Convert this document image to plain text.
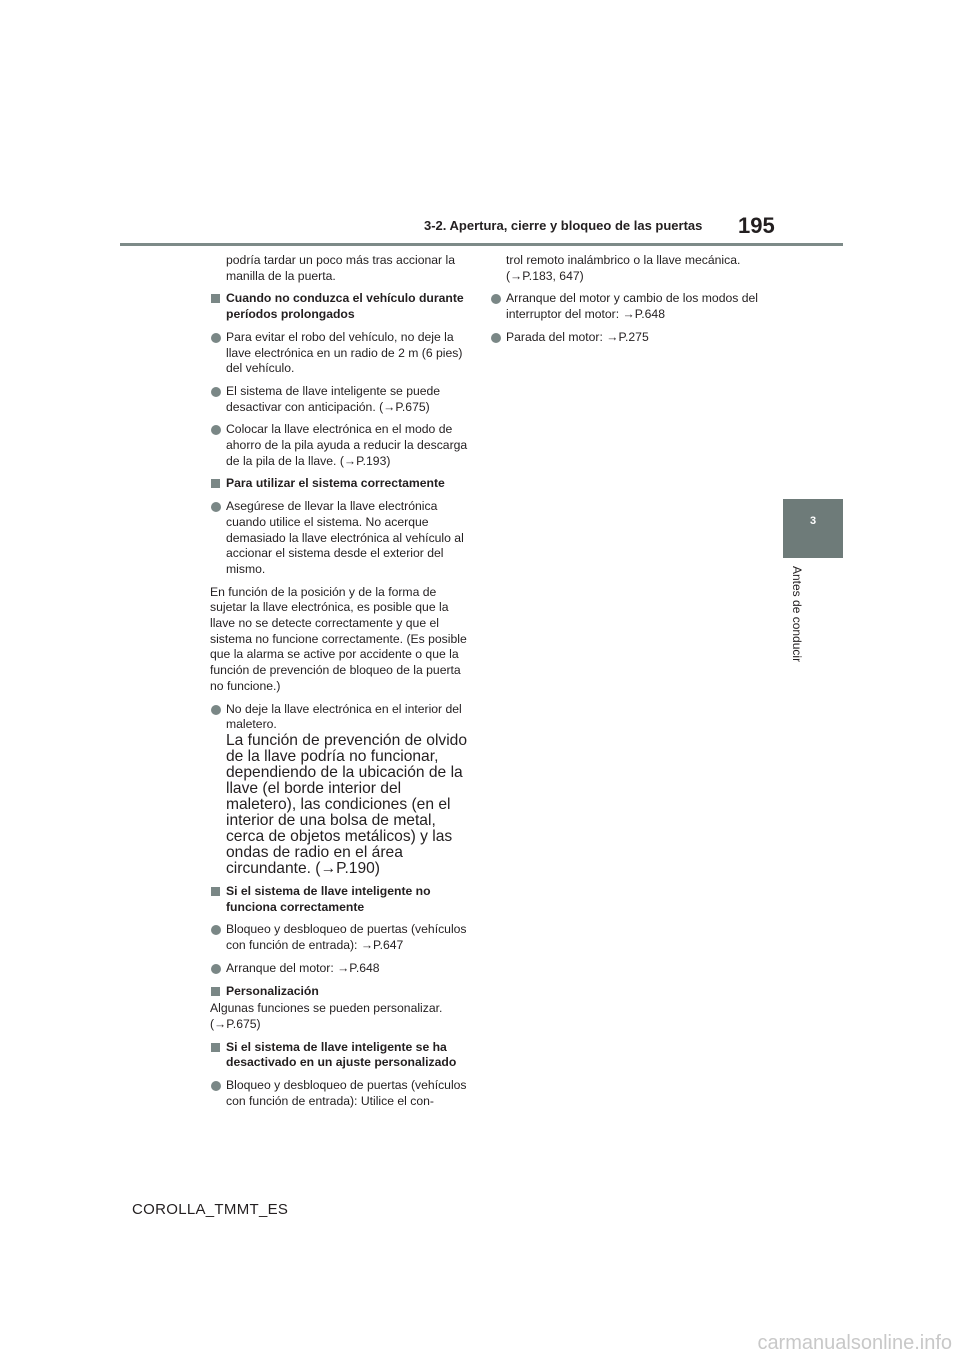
3-2. Apertura, cierre y bloqueo de las puertas 195
3
Antes de conducir

podría tardar un poco más tras accionar la manilla de la puerta.

Cuando no conduzca el vehículo durante períodos prolongados

Para evitar el robo del vehículo, no deje la llave electrónica en un radio de 2 m (6 pies) del vehículo.

El sistema de llave inteligente se puede desactivar con anticipación. (→P.675)

Colocar la llave electrónica en el modo de ahorro de la pila ayuda a reducir la descarga de la pila de la llave. (→P.193)

Para utilizar el sistema correctamente

Asegúrese de llevar la llave electrónica cuando utilice el sistema. No acerque demasiado la llave electrónica al vehículo al accionar el sistema desde el exterior del mismo.

En función de la posición y de la forma de sujetar la llave electrónica, es posible que la llave no se detecte correctamente y que el sistema no funcione correctamente. (Es posible que la alarma se active por accidente o que la función de prevención de bloqueo de la puerta no funcione.)

No deje la llave electrónica en el interior del maletero.

La función de prevención de olvido de la llave podría no funcionar, dependiendo de la ubicación de la llave (el borde interior del maletero), las condiciones (en el interior de una bolsa de metal, cerca de objetos metálicos) y las ondas de radio en el área circundante. (→P.190)

Si el sistema de llave inteligente no funciona correctamente

Bloqueo y desbloqueo de puertas (vehículos con función de entrada): →P.647

Arranque del motor: →P.648

Personalización

Algunas funciones se pueden personalizar. (→P.675)

Si el sistema de llave inteligente se ha desactivado en un ajuste personalizado

Bloqueo y desbloqueo de puertas (vehículos con función de entrada): Utilice el con-

trol remoto inalámbrico o la llave mecánica. (→P.183, 647)

Arranque del motor y cambio de los modos del interruptor del motor: →P.648

Parada del motor: →P.275

COROLLA_TMMT_ES
carmanualsonline.info
